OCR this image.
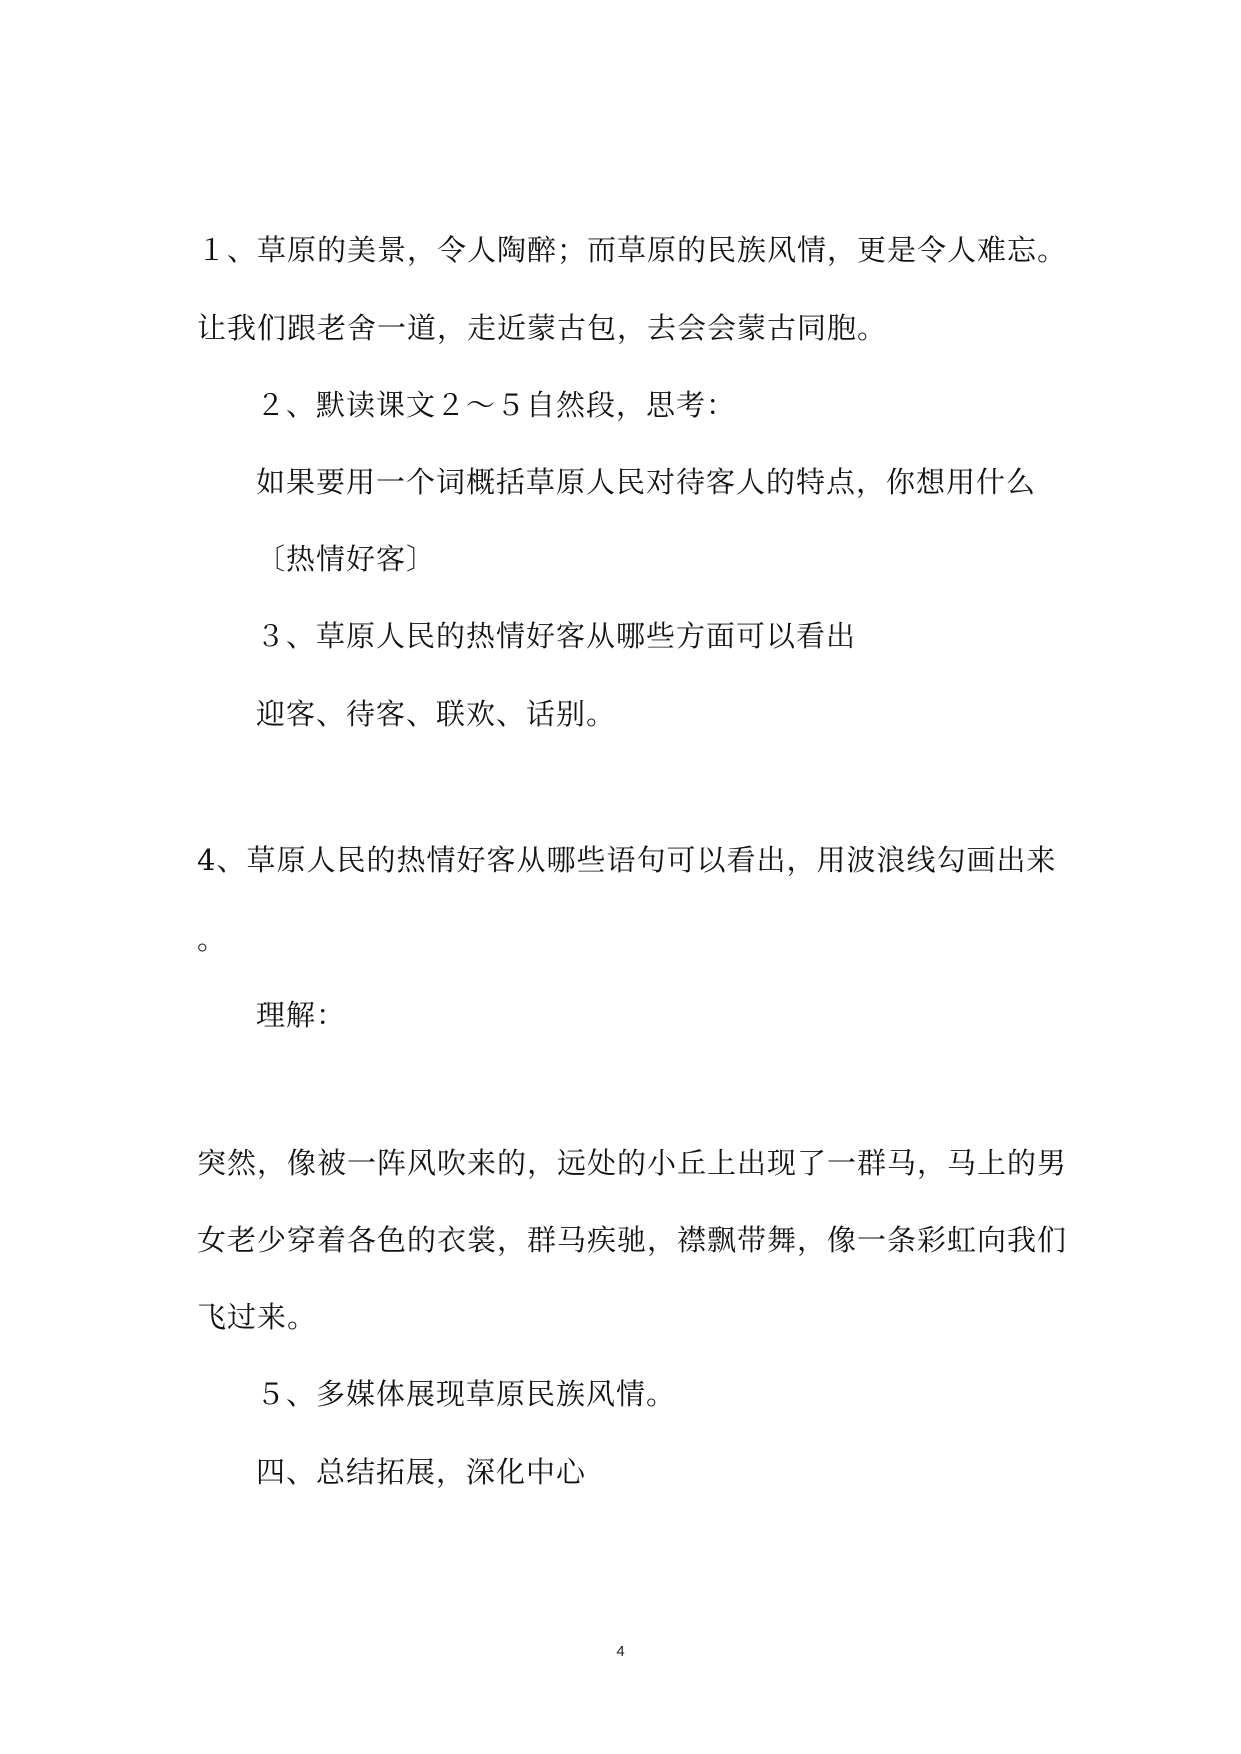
１、草原的美景，令人陶醉；而草原的民族风情，更是令人难忘。
让我们跟老舍一道，走近蒙古包，去会会蒙古同胞。
２、默读课文２～５自然段，思考：
如果要用一个词概括草原人民对待客人的特点，你想用什么
〔热情好客〕
３、草原人民的热情好客从哪些方面可以看出
迎客、待客、联欢、话别。
4、草原人民的热情好客从哪些语句可以看出，用波浪线勾画出来
。
理解：
突然，像被一阵风吹来的，远处的小丘上出现了一群马，马上的男
女老少穿着各色的衣裳，群马疾驰，襟飘带舞，像一条彩虹向我们
飞过来。
５、多媒体展现草原民族风情。
四、总结拓展，深化中心
4
